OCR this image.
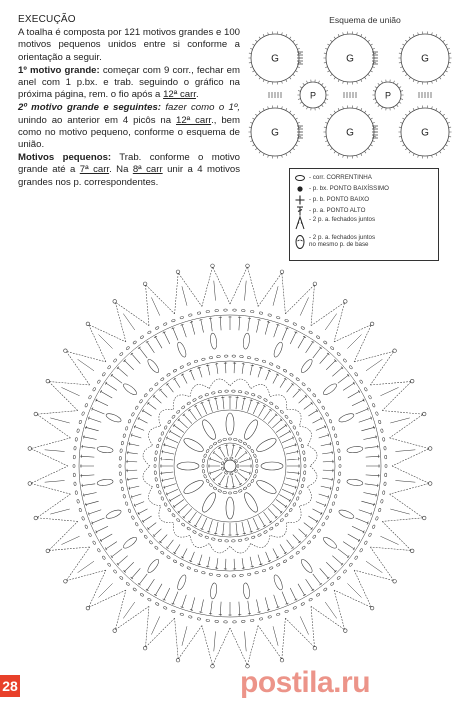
EXECUÇÃO

A toalha é composta por 121 motivos grandes e 100 motivos pequenos unidos entre si conforme a orientação a seguir.

1º motivo grande: começar com 9 corr., fechar em anel com 1 p.bx. e trab. seguindo o gráfico na próxima página, rem. o fio após a 12ª carr.

2º motivo grande e seguintes: fazer como o 1º, unindo ao anterior em 4 picôs na 12ª carr., bem como no motivo pequeno, conforme o esquema de união.

Motivos pequenos: Trab. conforme o motivo grande até a 7ª carr. Na 8ª carr unir a 4 motivos grandes nos p. correspondentes.

Esquema de união
G	G	G
G	G	G
P	P
- corr. CORRENTINHA
- p. bx. PONTO BAIXÍSSIMO
- p. b. PONTO BAIXO
- p. a. PONTO ALTO
- 2 p. a. fechados juntos
- 2 p. a. fechados juntos
no mesmo p. de base
28	postila.ru
